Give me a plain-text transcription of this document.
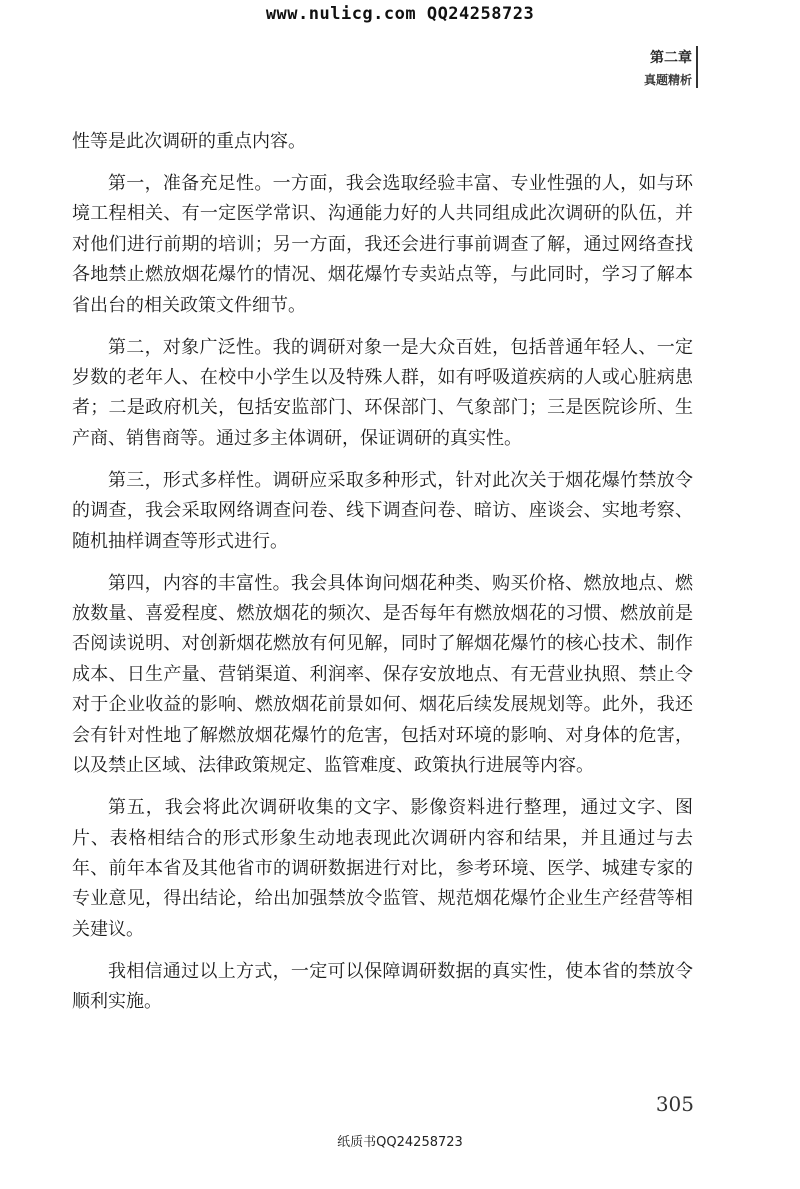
www.nulicg.com QQ24258723
第二章
真题精析

性等是此次调研的重点内容。

第一，准备充足性。一方面，我会选取经验丰富、专业性强的人，如与环境工程相关、有一定医学常识、沟通能力好的人共同组成此次调研的队伍，并对他们进行前期的培训；另一方面，我还会进行事前调查了解，通过网络查找各地禁止燃放烟花爆竹的情况、烟花爆竹专卖站点等，与此同时，学习了解本省出台的相关政策文件细节。

第二，对象广泛性。我的调研对象一是大众百姓，包括普通年轻人、一定岁数的老年人、在校中小学生以及特殊人群，如有呼吸道疾病的人或心脏病患者；二是政府机关，包括安监部门、环保部门、气象部门；三是医院诊所、生产商、销售商等。通过多主体调研，保证调研的真实性。

第三，形式多样性。调研应采取多种形式，针对此次关于烟花爆竹禁放令的调查，我会采取网络调查问卷、线下调查问卷、暗访、座谈会、实地考察、随机抽样调查等形式进行。

第四，内容的丰富性。我会具体询问烟花种类、购买价格、燃放地点、燃放数量、喜爱程度、燃放烟花的频次、是否每年有燃放烟花的习惯、燃放前是否阅读说明、对创新烟花燃放有何见解，同时了解烟花爆竹的核心技术、制作成本、日生产量、营销渠道、利润率、保存安放地点、有无营业执照、禁止令对于企业收益的影响、燃放烟花前景如何、烟花后续发展规划等。此外，我还会有针对性地了解燃放烟花爆竹的危害，包括对环境的影响、对身体的危害，以及禁止区域、法律政策规定、监管难度、政策执行进展等内容。

第五，我会将此次调研收集的文字、影像资料进行整理，通过文字、图片、表格相结合的形式形象生动地表现此次调研内容和结果，并且通过与去年、前年本省及其他省市的调研数据进行对比，参考环境、医学、城建专家的专业意见，得出结论，给出加强禁放令监管、规范烟花爆竹企业生产经营等相关建议。

我相信通过以上方式，一定可以保障调研数据的真实性，使本省的禁放令顺利实施。

305
纸质书QQ24258723
